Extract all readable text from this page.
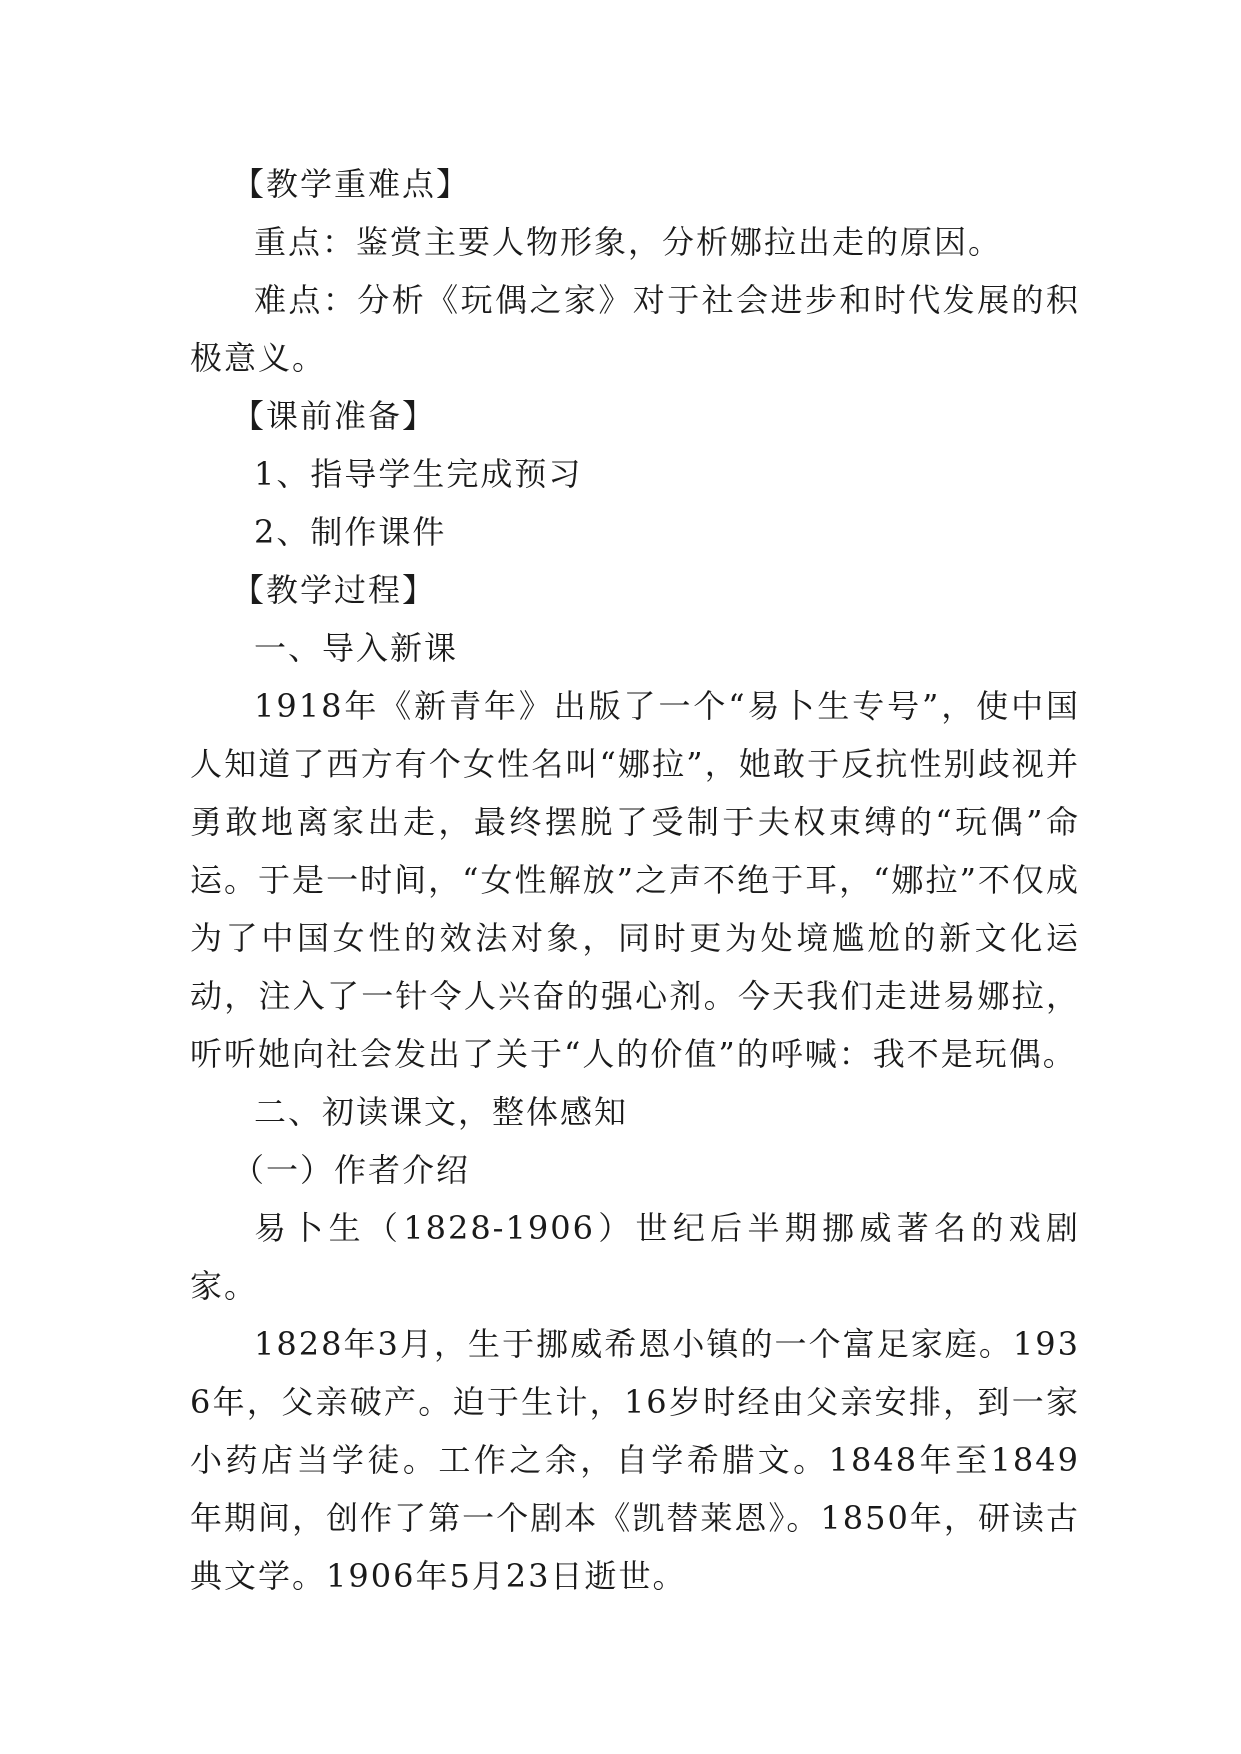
【教学重难点】

重点：鉴赏主要人物形象，分析娜拉出走的原因。

难点：分析《玩偶之家》对于社会进步和时代发展的积极意义。

【课前准备】

1、指导学生完成预习

2、制作课件

【教学过程】

一、导入新课

1918年《新青年》出版了一个“易卜生专号”，使中国人知道了西方有个女性名叫“娜拉”，她敢于反抗性别歧视并勇敢地离家出走，最终摆脱了受制于夫权束缚的“玩偶”命运。于是一时间，“女性解放”之声不绝于耳，“娜拉”不仅成为了中国女性的效法对象，同时更为处境尴尬的新文化运动，注入了一针令人兴奋的强心剂。今天我们走进易娜拉，听听她向社会发出了关于“人的价值”的呼喊：我不是玩偶。

二、初读课文，整体感知

（一）作者介绍

易卜生（1828-1906）世纪后半期挪威著名的戏剧家。

1828年3月，生于挪威希恩小镇的一个富足家庭。1936年，父亲破产。迫于生计，16岁时经由父亲安排，到一家小药店当学徒。工作之余，自学希腊文。1848年至1849年期间，创作了第一个剧本《凯替莱恩》。1850年，研读古典文学。1906年5月23日逝世。
